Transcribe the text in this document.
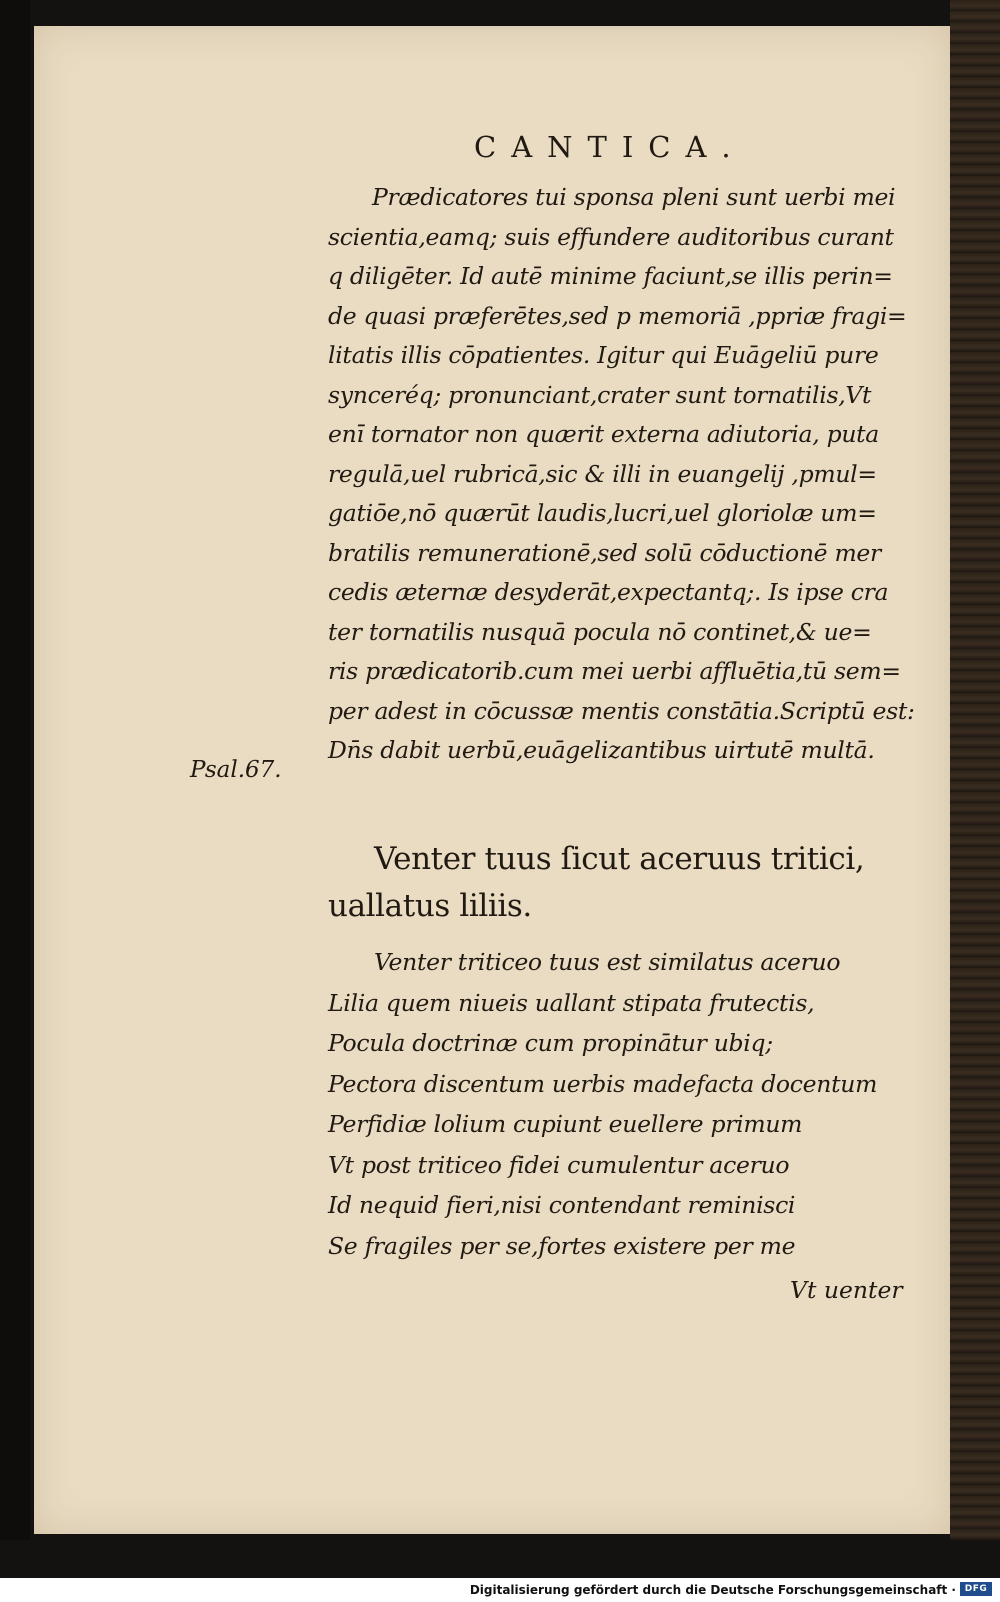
CANTICA.
Prædicatores tui sponsa pleni sunt uerbi mei
scientia,eamq; suis effundere auditoribus curant
q diligēter. Id autē minime faciunt,se illis perin=
de quasi præferētes,sed p memoriā ,ppriæ fragi=
litatis illis cōpatientes. Igitur qui Euāgeliū pure
synceréq; pronunciant,crater sunt tornatilis,Vt
enī tornator non quærit externa adiutoria, puta
regulā,uel rubricā,sic & illi in euangelij ,pmul=
gatiōe,nō quærūt laudis,lucri,uel gloriolæ um=
bratilis remunerationē,sed solū cōductionē mer
cedis æternæ desyderāt,expectantq;. Is ipse cra
ter tornatilis nusquā pocula nō continet,& ue=
ris prædicatorib.cum mei uerbi affluētia,tū sem=
per adest in cōcussæ mentis constātia.Scriptū est:
Dn̄s dabit uerbū,euāgelizantibus uirtutē multā.
Psal.67.
Venter tuus ſicut aceruus tritici,
uallatus liliis.
Venter triticeo tuus est similatus aceruo
Lilia quem niueis uallant stipata frutectis,
Pocula doctrinæ cum propinātur ubiq;
Pectora discentum uerbis madefacta docentum
Perfidiæ lolium cupiunt euellere primum
Vt post triticeo fidei cumulentur aceruo
Id nequid fieri,nisi contendant reminisci
Se fragiles per se,fortes existere per me
Vt uenter
Digitalisierung gefördert durch die Deutsche Forschungsgemeinschaft · DFG
